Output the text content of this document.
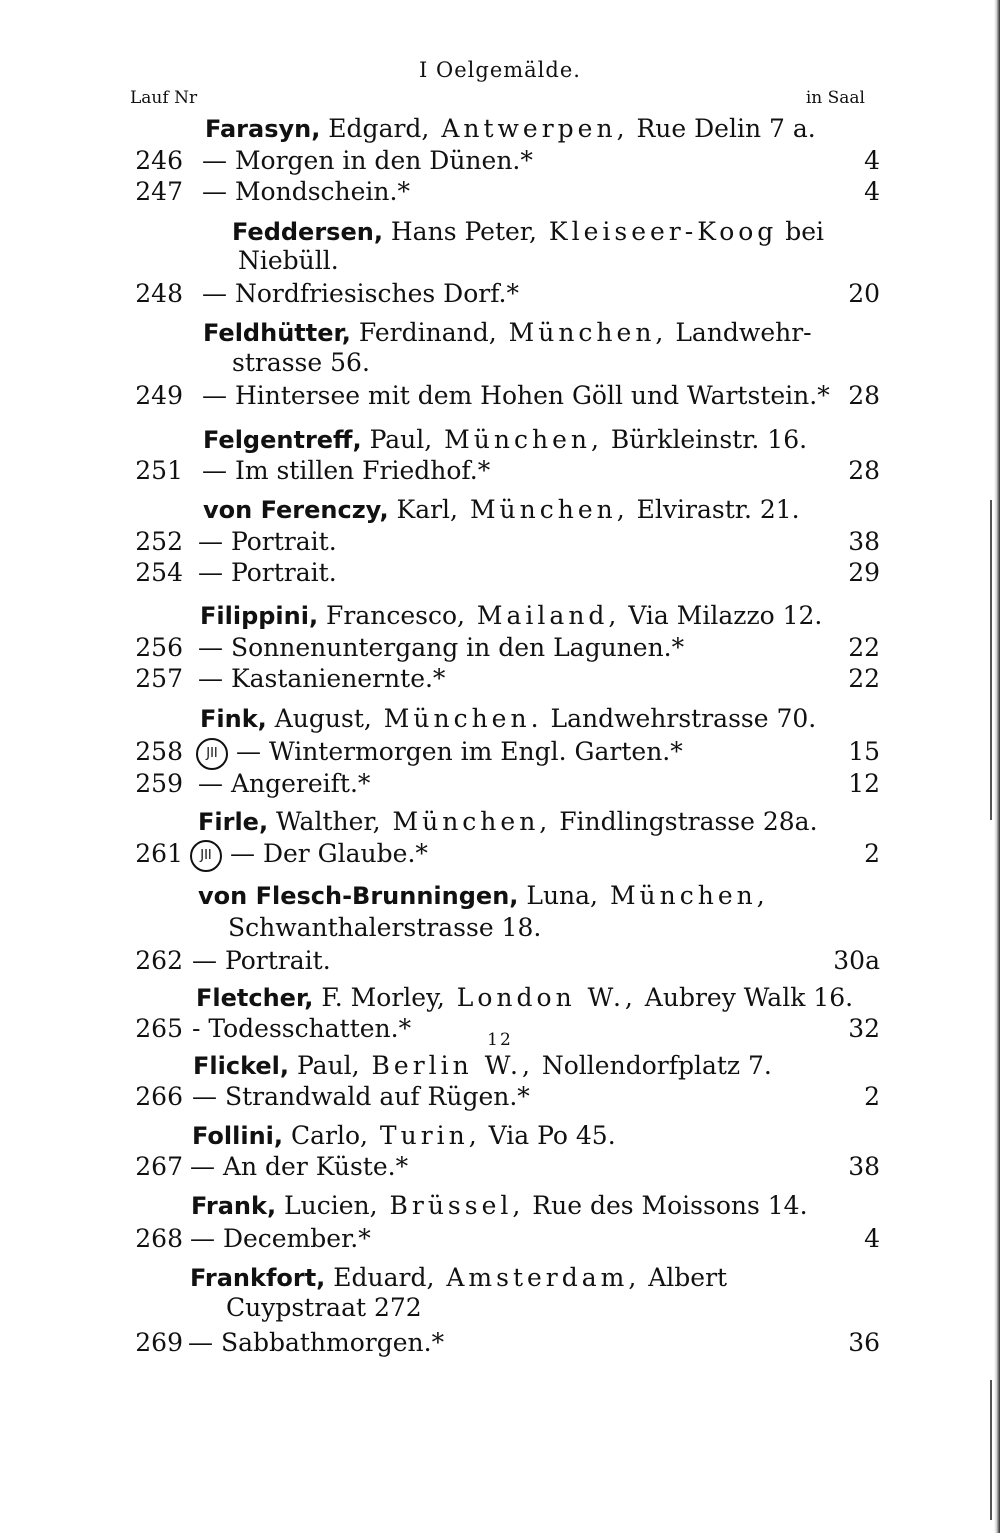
I Oelgemälde.
Lauf Nr	in Saal
Farasyn, Edgard, Antwerpen, Rue Delin 7 a.
246 — Morgen in den Dünen.*	4
247 — Mondschein.*	4
Feddersen, Hans Peter, Kleiseer-Koog bei
Niebüll.
248 — Nordfriesisches Dorf.*	20
Feldhütter, Ferdinand, München, Landwehr-
strasse 56.
249 — Hintersee mit dem Hohen Göll und Wartstein.* 28
Felgentreff, Paul, München, Bürkleinstr. 16.
251 — Im stillen Friedhof.*	28
von Ferenczy, Karl, München, Elvirastr. 21.
252 — Portrait.	38
254 — Portrait.	29
Filippini, Francesco, Mailand, Via Milazzo 12.
256 — Sonnenuntergang in den Lagunen.*	22
257 — Kastanienernte.*	22
Fink, August, München. Landwehrstrasse 70.
258	JII — Wintermorgen im Engl. Garten.*	15
259 — Angereift.*	12
Firle, Walther, München, Findlingstrasse 28a.
261	JII — Der Glaube.*	2
von Flesch-Brunningen, Luna, München,
Schwanthalerstrasse 18.
262 — Portrait.	30a
Fletcher, F. Morley, London W., Aubrey Walk 16.
265 - Todesschatten.*	32
Flickel, Paul, Berlin W., Nollendorfplatz 7.
266 — Strandwald auf Rügen.*	2
Follini, Carlo, Turin, Via Po 45.
267 — An der Küste.*	38
Frank, Lucien, Brüssel, Rue des Moissons 14.
268 — December.*	4
Frankfort, Eduard, Amsterdam, Albert
Cuypstraat 272
269 — Sabbathmorgen.*	36
12
